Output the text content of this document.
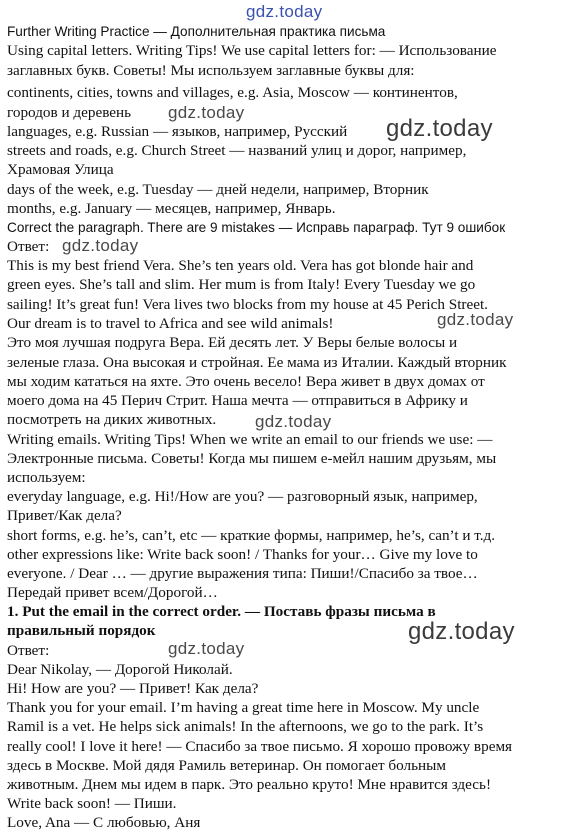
gdz.today
gdz.today
gdz.today
gdz.today
gdz.today
gdz.today
gdz.today
gdz.today
Further Writing Practice — Дополнительная практика письма
Using capital letters. Writing Tips! We use capital letters for: — Использование
заглавных букв. Советы! Мы используем заглавные буквы для:
continents, cities, towns and villages, e.g. Asia, Moscow — континентов,
городов и деревень
languages, e.g. Russian — языков, например, Русский
streets and roads, e.g. Church Street — названий улиц и дорог, например,
Храмовая Улица
days of the week, e.g. Tuesday — дней недели, например, Вторник
months, e.g. January — месяцев, например, Январь.
Correct the paragraph. There are 9 mistakes — Исправь параграф. Тут 9 ошибок
Ответ:
This is my best friend Vera. She’s ten years old. Vera has got blonde hair and
green eyes. She’s tall and slim. Her mum is from Italy! Every Tuesday we go
sailing! It’s great fun! Vera lives two blocks from my house at 45 Perich Street.
Our dream is to travel to Africa and see wild animals!
Это моя лучшая подруга Вера. Ей десять лет. У Веры белые волосы и
зеленые глаза. Она высокая и стройная. Ее мама из Италии. Каждый вторник
мы ходим кататься на яхте. Это очень весело! Вера живет в двух домах от
моего дома на 45 Перич Стрит. Наша мечта — отправиться в Африку и
посмотреть на диких животных.
Writing emails. Writing Tips! When we write an email to our friends we use: —
Электронные письма. Советы! Когда мы пишем е-мейл нашим друзьям, мы
используем:
everyday language, e.g. Hi!/How are you? — разговорный язык, например,
Привет/Как дела?
short forms, e.g. he’s, can’t, etc — краткие формы, например, he’s, can’t и т.д.
other expressions like: Write back soon! / Thanks for your… Give my love to
everyone. / Dear … — другие выражения типа: Пиши!/Спасибо за твое…
Передай привет всем/Дорогой…
1. Put the email in the correct order. — Поставь фразы письма в
правильный порядок
Ответ:
Dear Nikolay, — Дорогой Николай.
Hi! How are you? — Привет! Как дела?
Thank you for your email. I’m having a great time here in Moscow. My uncle
Ramil is a vet. He helps sick animals! In the afternoons, we go to the park. It’s
really cool! I love it here! — Спасибо за твое письмо. Я хорошо провожу время
здесь в Москве. Мой дядя Рамиль ветеринар. Он помогает больным
животным. Днем мы идем в парк. Это реально круто! Мне нравится здесь!
Write back soon! — Пиши.
Love, Ana — С любовью, Аня
